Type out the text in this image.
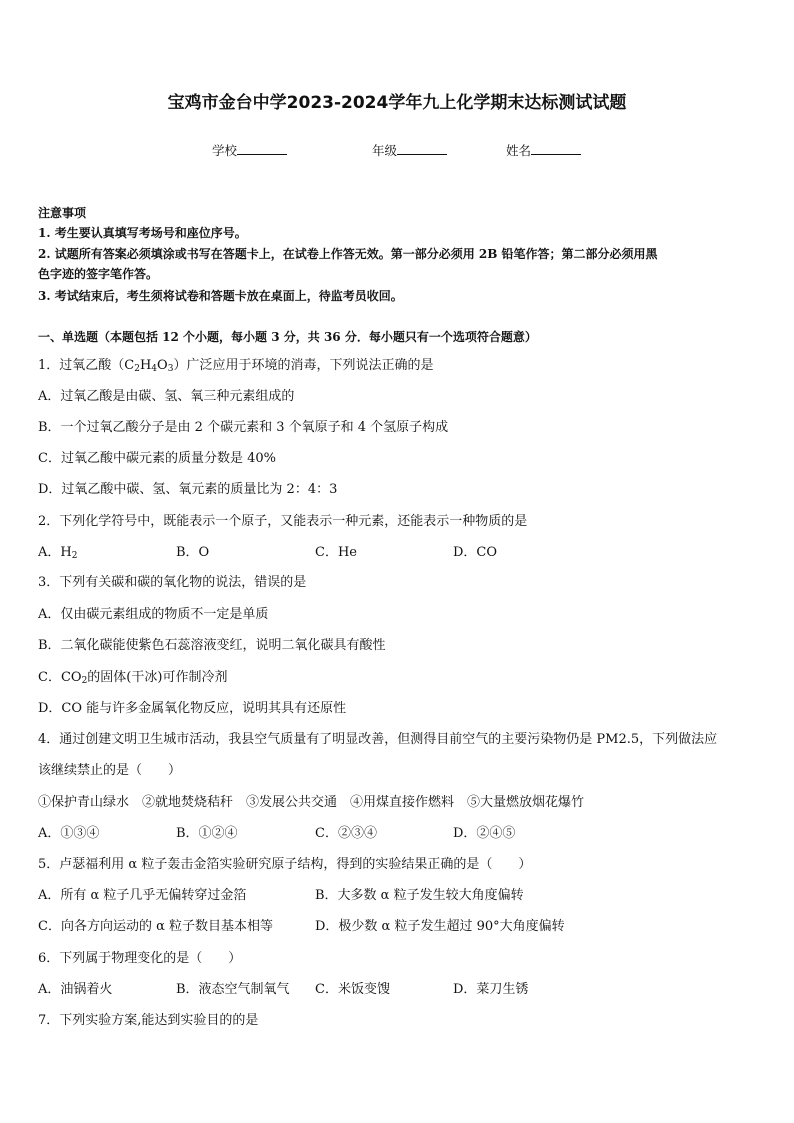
宝鸡市金台中学2023-2024学年九上化学期末达标测试试题
学校	年级	姓名
注意事项
1. 考生要认真填写考场号和座位序号。
2. 试题所有答案必须填涂或书写在答题卡上，在试卷上作答无效。第一部分必须用 2B 铅笔作答；第二部分必须用黑
色字迹的签字笔作答。
3. 考试结束后，考生须将试卷和答题卡放在桌面上，待监考员收回。
一、单选题（本题包括 12 个小题，每小题 3 分，共 36 分．每小题只有一个选项符合题意）
1．过氧乙酸$(C_2H_4O_3)$广泛应用于环境的消毒，下列说法正确的是
A．过氧乙酸是由碳、氢、氧三种元素组成的
B．一个过氧乙酸分子是由 2 个碳元素和 3 个氧原子和 4 个氢原子构成
C．过氧乙酸中碳元素的质量分数是 40%
D．过氧乙酸中碳、氢、氧元素的质量比为 2：4：3
2．下列化学符号中，既能表示一个原子，又能表示一种元素，还能表示一种物质的是
A．$H_2$	B．O	C．He	D．CO
3．下列有关碳和碳的氧化物的说法，错误的是
A．仅由碳元素组成的物质不一定是单质
B．二氧化碳能使紫色石蕊溶液变红，说明二氧化碳具有酸性
C．$CO_2$的固体(干冰)可作制冷剂
D．CO 能与许多金属氧化物反应，说明其具有还原性
4．通过创建文明卫生城市活动，我县空气质量有了明显改善，但测得目前空气的主要污染物仍是 PM2.5，下列做法应
该继续禁止的是（　　）
①保护青山绿水　②就地焚烧秸秆　③发展公共交通　④用煤直接作燃料　⑤大量燃放烟花爆竹
A．①③④	B．①②④	C．②③④	D．②④⑤
5．卢瑟福利用 α 粒子轰击金箔实验研究原子结构，得到的实验结果正确的是（　　）
A．所有 α 粒子几乎无偏转穿过金箔	B．大多数 α 粒子发生较大角度偏转
C．向各方向运动的 α 粒子数目基本相等	D．极少数 α 粒子发生超过 90°大角度偏转
6．下列属于物理变化的是（　　）
A．油锅着火	B．液态空气制氧气 C．米饭变馊	D．菜刀生锈
7．下列实验方案,能达到实验目的的是
